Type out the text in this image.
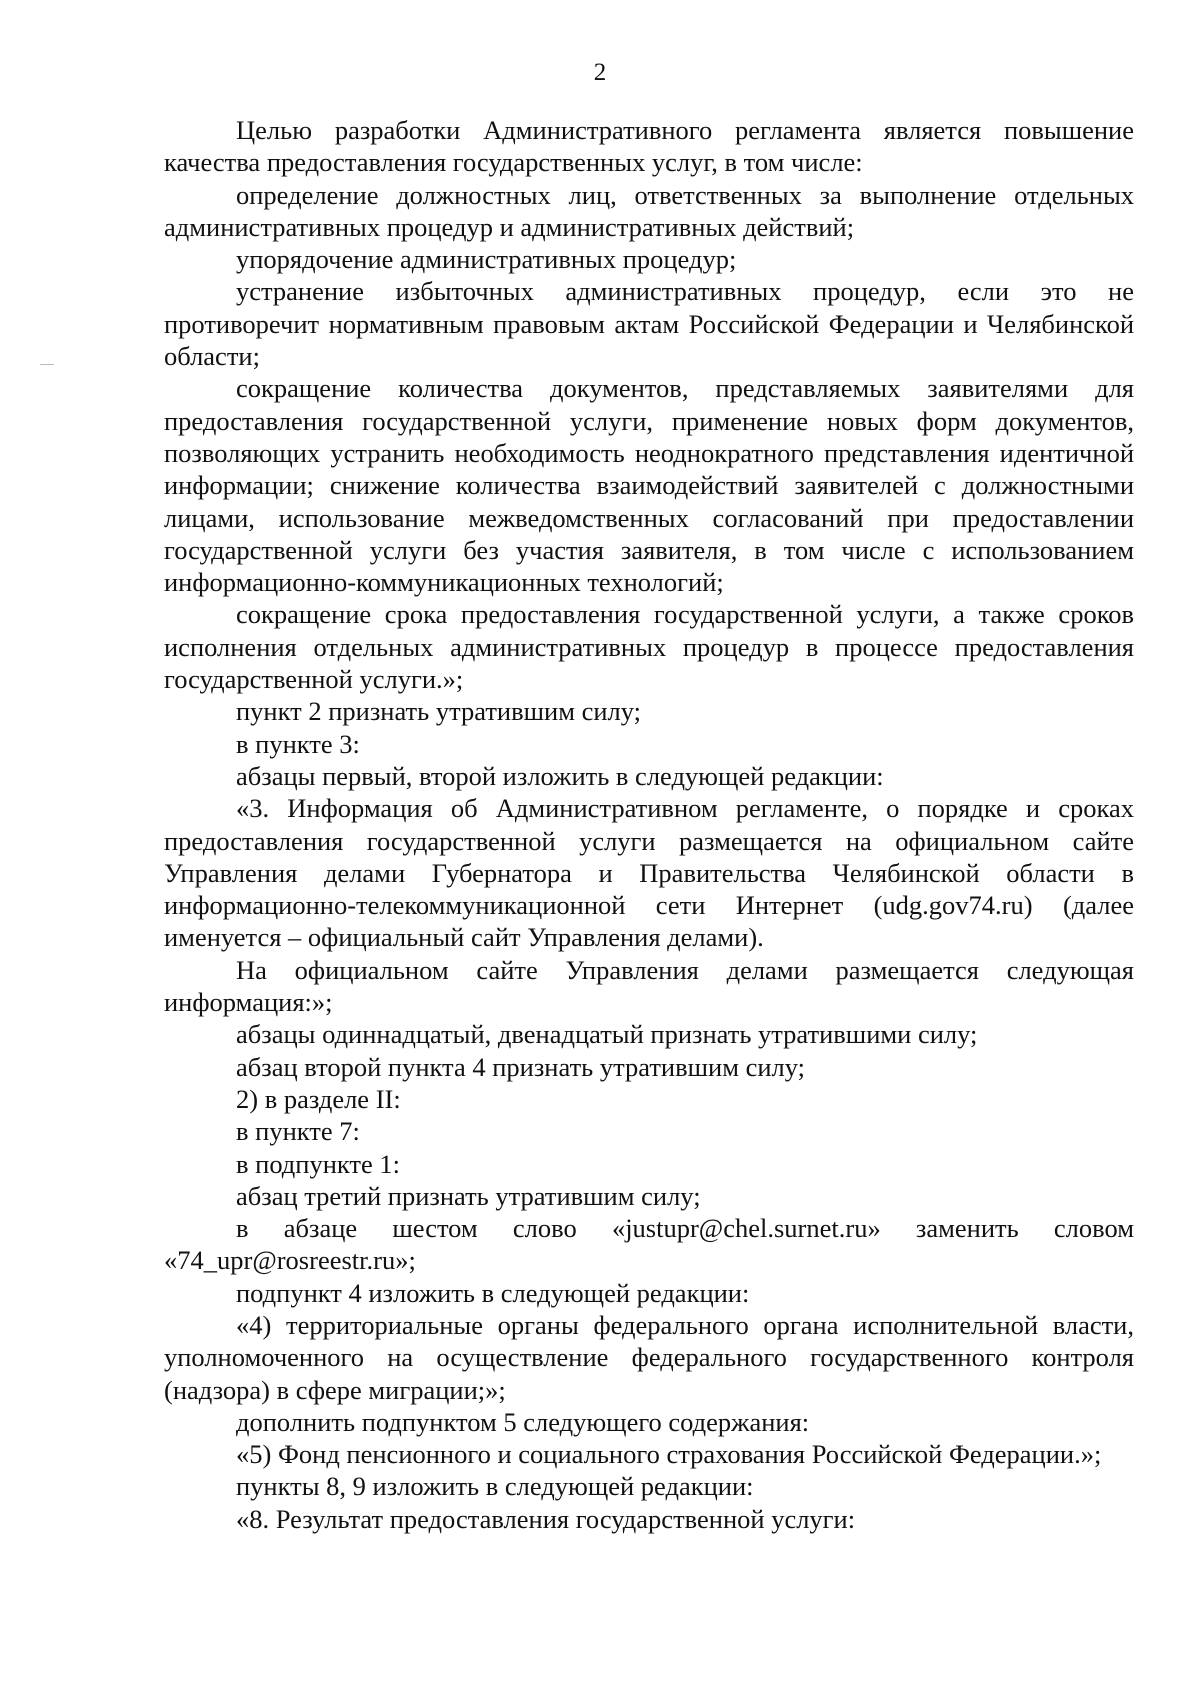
2

Целью разработки Административного регламента является повышение качества предоставления государственных услуг, в том числе:

определение должностных лиц, ответственных за выполнение отдельных административных процедур и административных действий;

упорядочение административных процедур;

устранение избыточных административных процедур, если это не противоречит нормативным правовым актам Российской Федерации и Челябинской области;

сокращение количества документов, представляемых заявителями для предоставления государственной услуги, применение новых форм документов, позволяющих устранить необходимость неоднократного представления идентичной информации; снижение количества взаимодействий заявителей с должностными лицами, использование межведомственных согласований при предоставлении государственной услуги без участия заявителя, в том числе с использованием информационно-коммуникационных технологий;

сокращение срока предоставления государственной услуги, а также сроков исполнения отдельных административных процедур в процессе предоставления государственной услуги.»;

пункт 2 признать утратившим силу;

в пункте 3:

абзацы первый, второй изложить в следующей редакции:

«3. Информация об Административном регламенте, о порядке и сроках предоставления государственной услуги размещается на официальном сайте Управления делами Губернатора и Правительства Челябинской области в информационно-телекоммуникационной сети Интернет (udg.gov74.ru) (далее именуется – официальный сайт Управления делами).

На официальном сайте Управления делами размещается следующая информация:»;

абзацы одиннадцатый, двенадцатый признать утратившими силу;

абзац второй пункта 4 признать утратившим силу;

2) в разделе II:

в пункте 7:

в подпункте 1:

абзац третий признать утратившим силу;

в абзаце шестом слово «justupr@chel.surnet.ru» заменить словом «74_upr@rosreestr.ru»;

подпункт 4 изложить в следующей редакции:

«4) территориальные органы федерального органа исполнительной власти, уполномоченного на осуществление федерального государственного контроля (надзора) в сфере миграции;»;

дополнить подпунктом 5 следующего содержания:

«5) Фонд пенсионного и социального страхования Российской Федерации.»;

пункты 8, 9 изложить в следующей редакции:

«8. Результат предоставления государственной услуги:
